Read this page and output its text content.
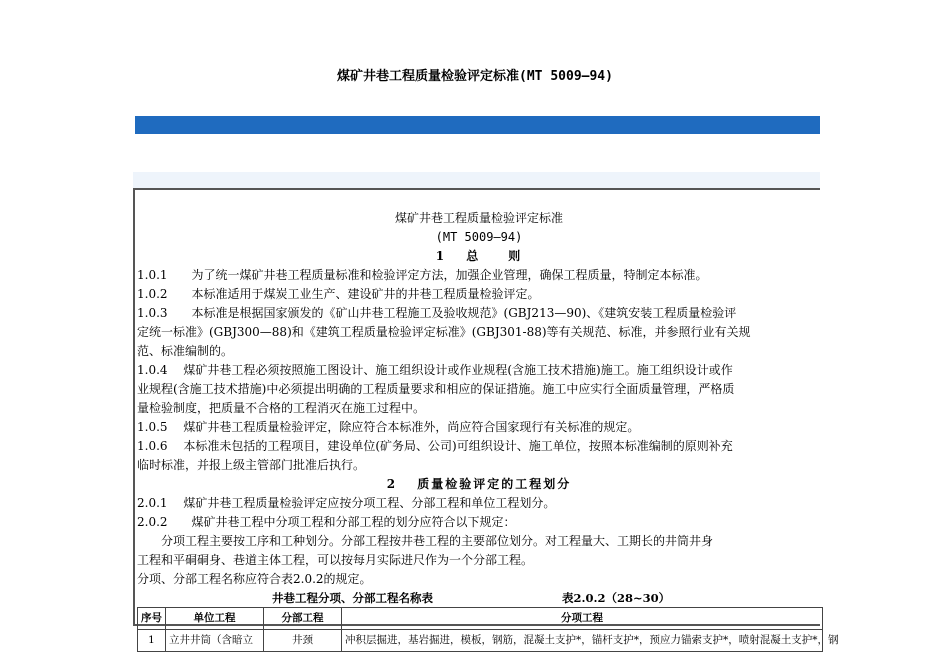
煤矿井巷工程质量检验评定标准(MT 5009—94)
煤矿井巷工程质量检验评定标准
(MT 5009—94)
1　 总　　则
1.0.1　　为了统一煤矿井巷工程质量标准和检验评定方法，加强企业管理，确保工程质量，特制定本标准。
1.0.2　　本标准适用于煤炭工业生产、建设矿井的井巷工程质量检验评定。
1.0.3　　本标准是根据国家颁发的《矿山井巷工程施工及验收规范》(GBJ213—90)、《建筑安装工程质量检验评
定统一标准》(GBJ300—88)和《建筑工程质量检验评定标准》(GBJ301-88)等有关规范、标准，并参照行业有关规
范、标准编制的。
1.0.4　 煤矿井巷工程必须按照施工图设计、施工组织设计或作业规程(含施工技术措施)施工。施工组织设计或作
业规程(含施工技术措施)中必须提出明确的工程质量要求和相应的保证措施。施工中应实行全面质量管理，严格质
量检验制度，把质量不合格的工程消灭在施工过程中。
1.0.5　 煤矿井巷工程质量检验评定，除应符合本标准外，尚应符合国家现行有关标准的规定。
1.0.6　 本标准未包括的工程项目，建设单位(矿务局、公司)可组织设计、施工单位，按照本标准编制的原则补充
临时标准，并报上级主管部门批准后执行。
2　 质量检验评定的工程划分
2.0.1　 煤矿井巷工程质量检验评定应按分项工程、分部工程和单位工程划分。
2.0.2　　煤矿井巷工程中分项工程和分部工程的划分应符合以下规定：
　　分项工程主要按工序和工种划分。分部工程按井巷工程的主要部位划分。对工程量大、工期长的井筒井身
工程和平硐硐身、巷道主体工程，可以按每月实际进尺作为一个分部工程。
分项、分部工程名称应符合表2.0.2的规定。
井巷工程分项、分部工程名称表	表2.0.2（28~30）
序号	单位工程	分部工程	分项工程
1	立井井筒（含暗立	井颈	冲积层掘进，基岩掘进，模板，钢筋，混凝土支护*，锚杆支护*，预应力锚索支护*，喷射混凝土支护*，钢
